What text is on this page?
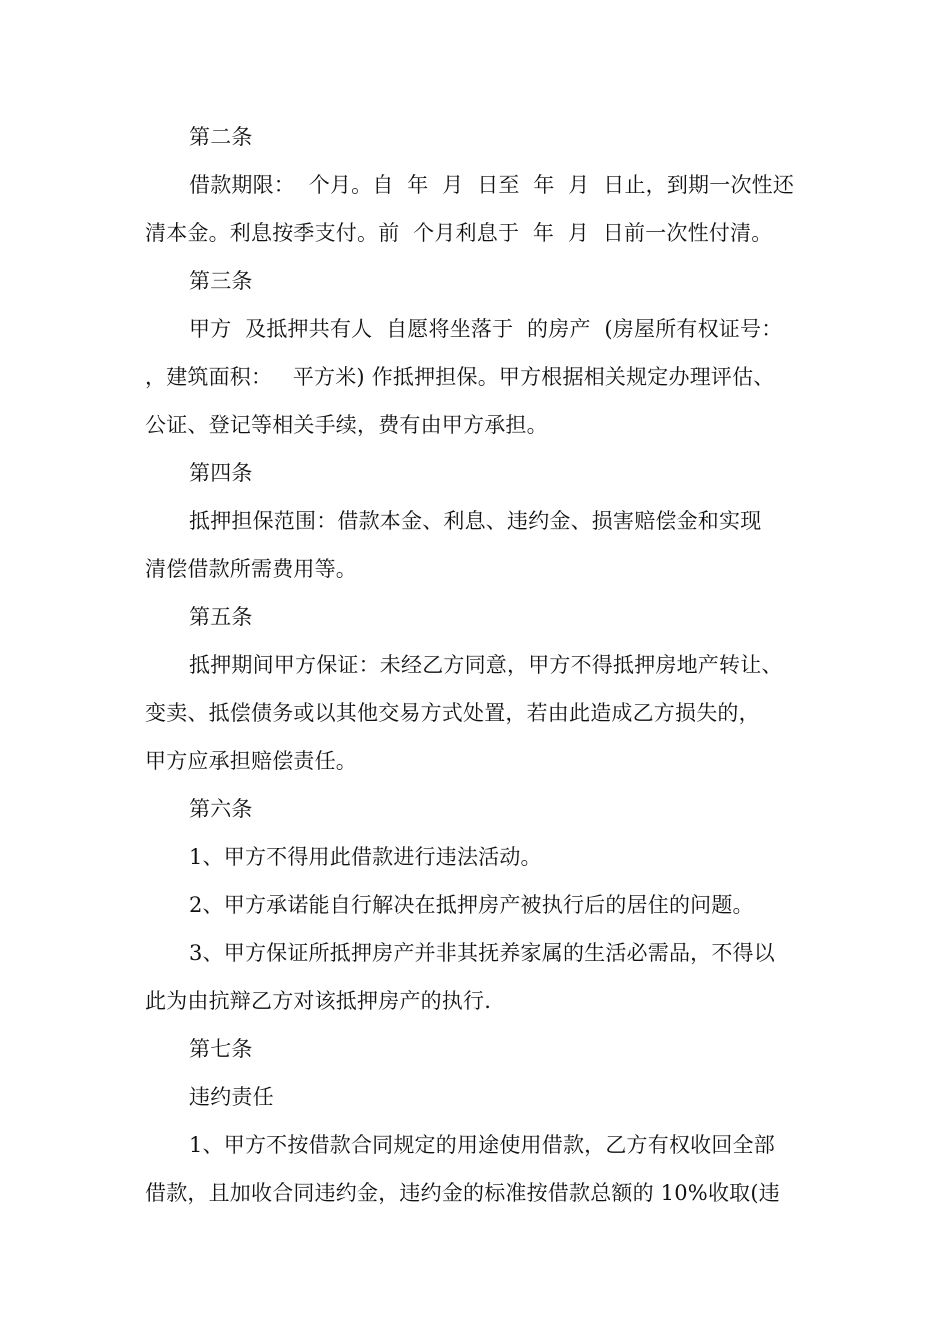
第二条
借款期限：  个月。自  年  月  日至  年  月  日止，到期一次性还
清本金。利息按季支付。前  个月利息于  年  月  日前一次性付清。
第三条
甲方  及抵押共有人  自愿将坐落于  的房产  (房屋所有权证号：
，建筑面积：   平方米) 作抵押担保。甲方根据相关规定办理评估、
公证、登记等相关手续，费有由甲方承担。
第四条
抵押担保范围：借款本金、利息、违约金、损害赔偿金和实现
清偿借款所需费用等。
第五条
抵押期间甲方保证：未经乙方同意，甲方不得抵押房地产转让、
变卖、抵偿债务或以其他交易方式处置，若由此造成乙方损失的，
甲方应承担赔偿责任。
第六条
1、甲方不得用此借款进行违法活动。
2、甲方承诺能自行解决在抵押房产被执行后的居住的问题。
3、甲方保证所抵押房产并非其抚养家属的生活必需品，不得以
此为由抗辩乙方对该抵押房产的执行.
第七条
违约责任
1、甲方不按借款合同规定的用途使用借款，乙方有权收回全部
借款，且加收合同违约金，违约金的标准按借款总额的 10%收取(违
